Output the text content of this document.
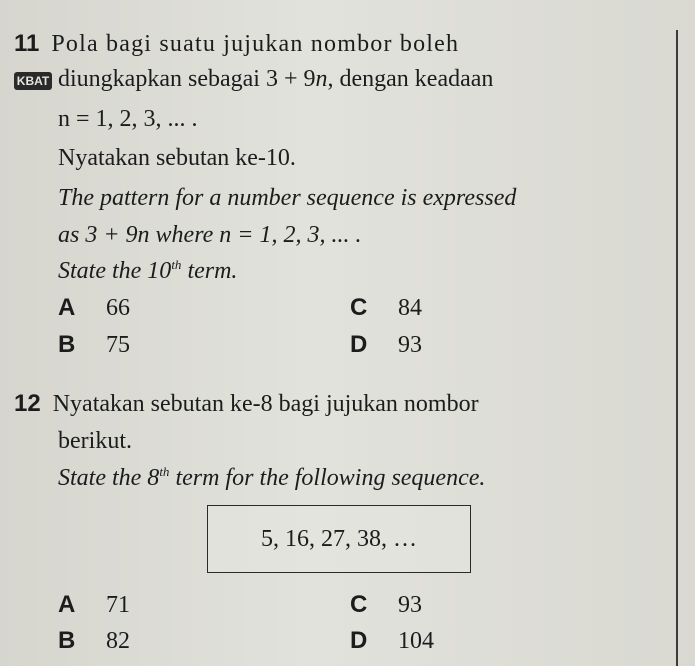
11 Pola bagi suatu jujukan nombor boleh
KBAT diungkapkan sebagai 3 + 9n, dengan keadaan
n = 1, 2, 3, ... .
Nyatakan sebutan ke-10.
The pattern for a number sequence is expressed
as 3 + 9n where n = 1, 2, 3, ... .
State the 10th term.
A 66	C 84
B 75	D 93
12 Nyatakan sebutan ke-8 bagi jujukan nombor
berikut.
State the 8th term for the following sequence.
5, 16, 27, 38, …
A 71	C 93
B 82	D 104
